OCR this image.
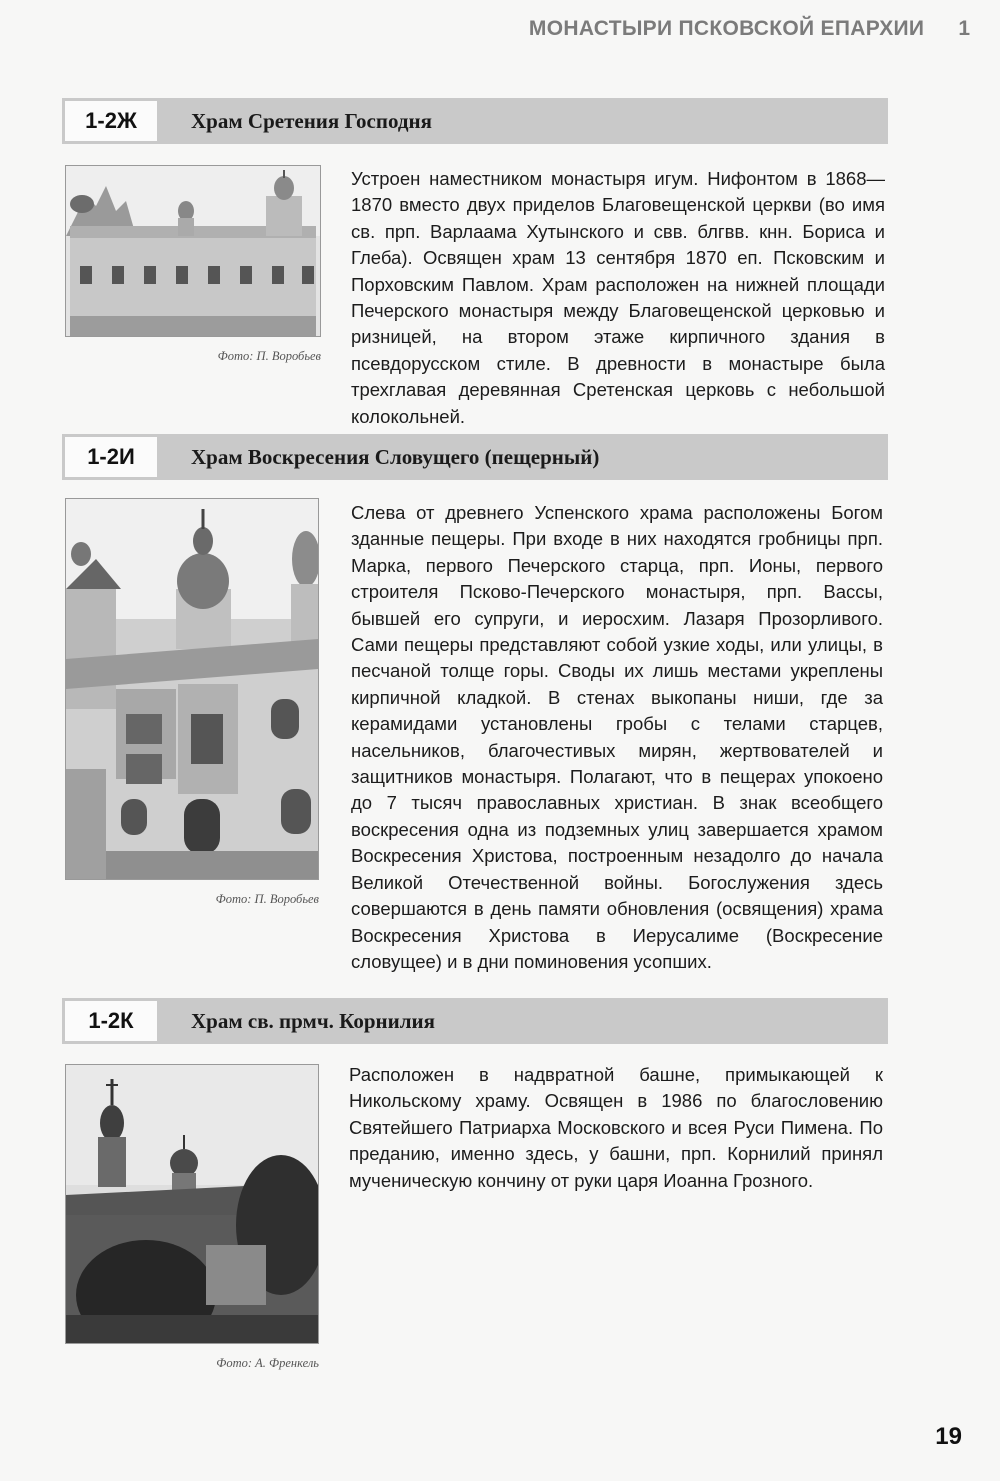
МОНАСТЫРИ ПСКОВСКОЙ ЕПАРХИИ 1
1-2Ж	Храм Сретения Господня
Фото: П. Воробьев
Устроен наместником монастыря игум. Нифонтом в 1868—1870 вместо двух приделов Благовещенской церкви (во имя св. прп. Варлаама Хутынского и свв. блгвв. кнн. Бориса и Глеба). Освящен храм 13 сентября 1870 еп. Псковским и Порховским Павлом. Храм расположен на нижней площади Печерского монастыря между Благовещенской церковью и ризницей, на втором этаже кирпичного здания в псевдорусском стиле. В древности в монастыре была трехглавая деревянная Сретенская церковь с небольшой колокольней.
1-2И	Храм Воскресения Словущего (пещерный)
Фото: П. Воробьев
Слева от древнего Успенского храма расположены Богом зданные пещеры. При входе в них находятся гробницы прп. Марка, первого Печерского старца, прп. Ионы, первого строителя Псково-Печерского монастыря, прп. Вассы, бывшей его супруги, и иеросхим. Лазаря Прозорливого. Сами пещеры представляют собой узкие ходы, или улицы, в песчаной толще горы. Своды их лишь местами укреплены кирпичной кладкой. В стенах выкопаны ниши, где за керамидами установлены гробы с телами старцев, насельников, благочестивых мирян, жертвователей и защитников монастыря. Полагают, что в пещерах упокоено до 7 тысяч православных христиан. В знак всеобщего воскресения одна из подземных улиц завершается храмом Воскресения Христова, построенным незадолго до начала Великой Отечественной войны. Богослужения здесь совершаются в день памяти обновления (освящения) храма Воскресения Христова в Иерусалиме (Воскресение словущее) и в дни поминовения усопших.
1-2К	Храм св. прмч. Корнилия
Фото: А. Френкель
Расположен в надвратной башне, примыкающей к Никольскому храму. Освящен в 1986 по благословению Святейшего Патриарха Московского и всея Руси Пимена. По преданию, именно здесь, у башни, прп. Корнилий принял мученическую кончину от руки царя Иоанна Грозного.
19
